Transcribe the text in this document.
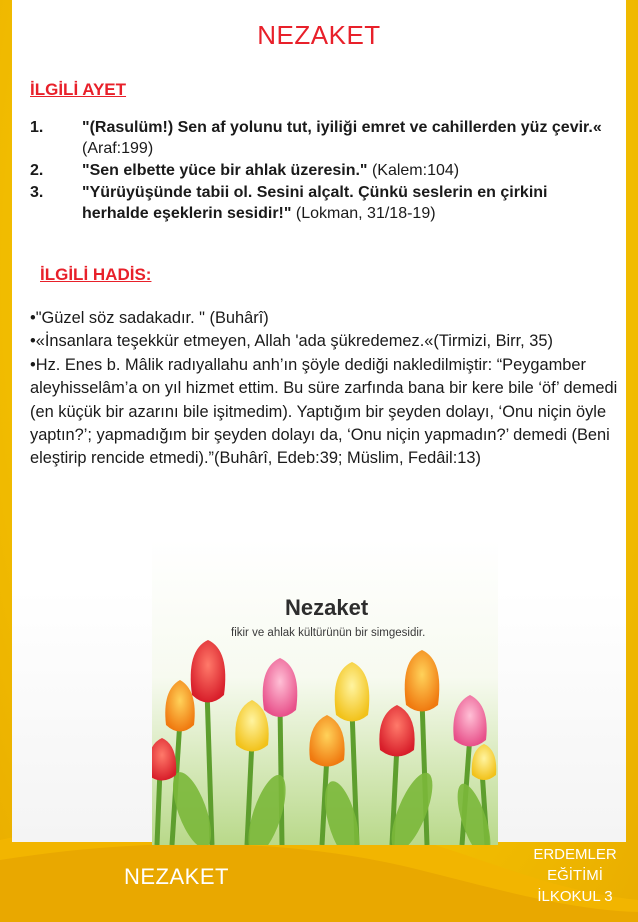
NEZAKET
İLGİLİ AYET
1.	"(Rasulüm!) Sen af yolunu tut, iyiliği emret ve cahillerden yüz çevir.« (Araf:199)
2.	"Sen elbette yüce bir ahlak üzeresin." (Kalem:104)
3.	"Yürüyüşünde tabii ol. Sesini alçalt. Çünkü seslerin en çirkini herhalde eşeklerin sesidir!" (Lokman, 31/18-19)
İLGİLİ HADİS:

•"Güzel söz sadakadır. " (Buhârî)

•«İnsanlara teşekkür etmeyen, Allah 'ada şükredemez.«(Tirmizi, Birr, 35)

•Hz. Enes b. Mâlik radıyallahu anh’ın şöyle dediği nakledilmiştir: “Peygamber aleyhisselâm’a on yıl hizmet ettim. Bu süre zarfında bana bir kere bile ‘öf’ demedi (en küçük bir azarını bile işitmedim). Yaptığım bir şeyden dolayı, ‘Onu niçin öyle yaptın?’; yapmadığım bir şeyden dolayı da, ‘Onu niçin yapmadın?’ demedi (Beni eleştirip rencide etmedi).”(Buhârî, Edeb:39; Müslim, Fedâil:13)

Nezaket
fikir ve ahlak kültürünün bir simgesidir.
NEZAKET
ERDEMLER
EĞİTİMİ
İLKOKUL 3
